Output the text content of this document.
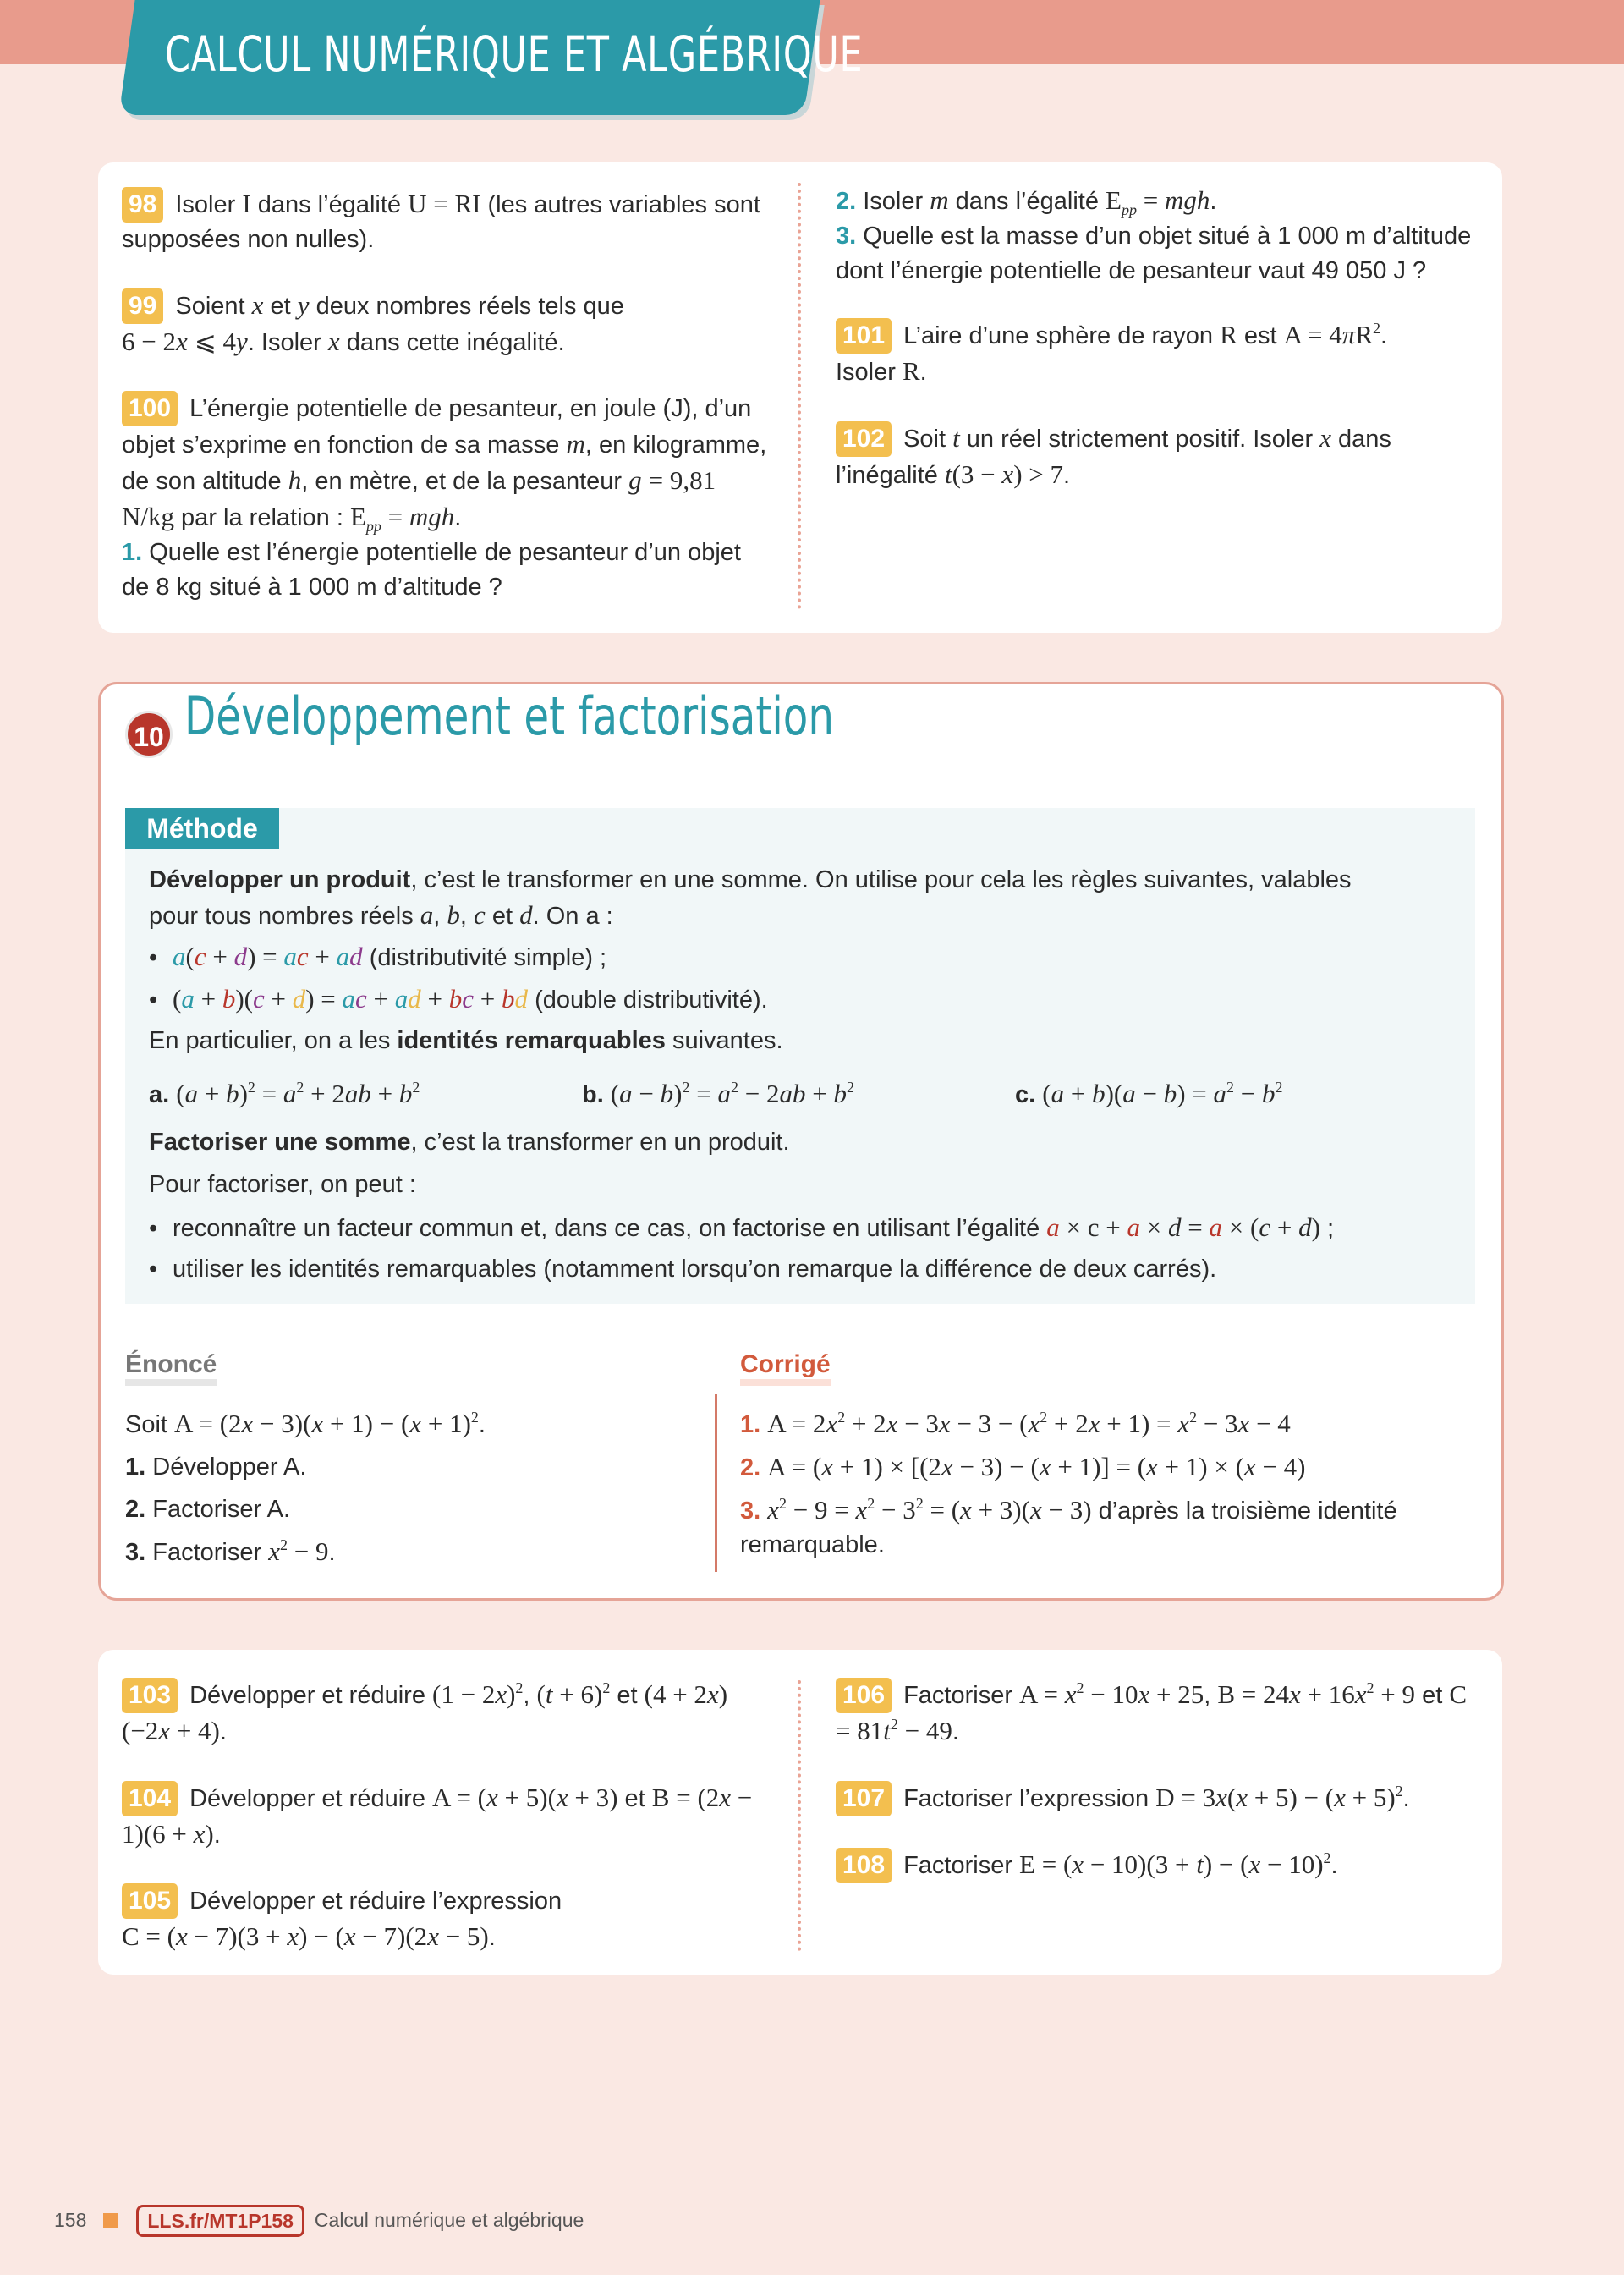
CALCUL NUMÉRIQUE ET ALGÉBRIQUE
98 Isoler I dans l’égalité U = RI (les autres variables sont supposées non nulles).
99 Soient x et y deux nombres réels tels que
6 − 2x ⩽ 4y. Isoler x dans cette inégalité.
100 L’énergie potentielle de pesanteur, en joule (J), d’un objet s’exprime en fonction de sa masse m, en kilogramme, de son altitude h, en mètre, et de la pesanteur g = 9,81 N/kg par la relation : $E_{pp}$ = mgh.
1. Quelle est l’énergie potentielle de pesanteur d’un objet de 8 kg situé à 1 000 m d’altitude ?
2. Isoler m dans l’égalité $E_{pp}$ = mgh.
3. Quelle est la masse d’un objet situé à 1 000 m d’altitude dont l’énergie potentielle de pesanteur vaut 49 050 J ?
101 L’aire d’une sphère de rayon R est $A = 4\pi R^2$.
Isoler R.
102 Soit t un réel strictement positif. Isoler x dans l’inégalité t(3 − x) > 7.
10 Développement et factorisation
Méthode
Développer un produit, c’est le transformer en une somme. On utilise pour cela les règles suivantes, valables
pour tous nombres réels a, b, c et d. On a :
• a(c + d) = ac + ad (distributivité simple) ;
• (a + b)(c + d) = ac + ad + bc + bd (double distributivité).
En particulier, on a les identités remarquables suivantes.
a. $(a + b)^2 = a^2 + 2ab + b^2$	b. $(a - b)^2 = a^2 - 2ab + b^2$	c. $(a + b)(a - b) = a^2 - b^2$
Factoriser une somme, c’est la transformer en un produit.
Pour factoriser, on peut :
• reconnaître un facteur commun et, dans ce cas, on factorise en utilisant l’égalité a × c + a × d = a × (c + d) ;
• utiliser les identités remarquables (notamment lorsqu’on remarque la différence de deux carrés).
Énoncé	Corrigé
Soit $A = (2x - 3)(x + 1) - (x + 1)^2$.
1. Développer A.
2. Factoriser A.
3. Factoriser $x^2 - 9$.
1. $A = 2x^2 + 2x - 3x - 3 - (x^2 + 2x + 1) = x^2 - 3x - 4$
2. A = (x + 1) × [(2x − 3) − (x + 1)] = (x + 1) × (x − 4)
3. $x^2 - 9 = x^2 - 3^2 = (x + 3)(x - 3)$ d’après la troisième identité
remarquable.
103 Développer et réduire $(1 - 2x)^2$, $(t + 6)^2$ et (4 + 2x)(−2x + 4).
104 Développer et réduire A = (x + 5)(x + 3) et B = (2x − 1)(6 + x).
105 Développer et réduire l’expression
C = (x − 7)(3 + x) − (x − 7)(2x − 5).
106 Factoriser $A = x^2 - 10x + 25$, $B = 24x + 16x^2 + 9$ et $C = 81t^2 - 49$.
107 Factoriser l’expression $D = 3x(x + 5) - (x + 5)^2$.
108 Factoriser $E = (x - 10)(3 + t) - (x - 10)^2$.
158	LLS.fr/MT1P158	Calcul numérique et algébrique
